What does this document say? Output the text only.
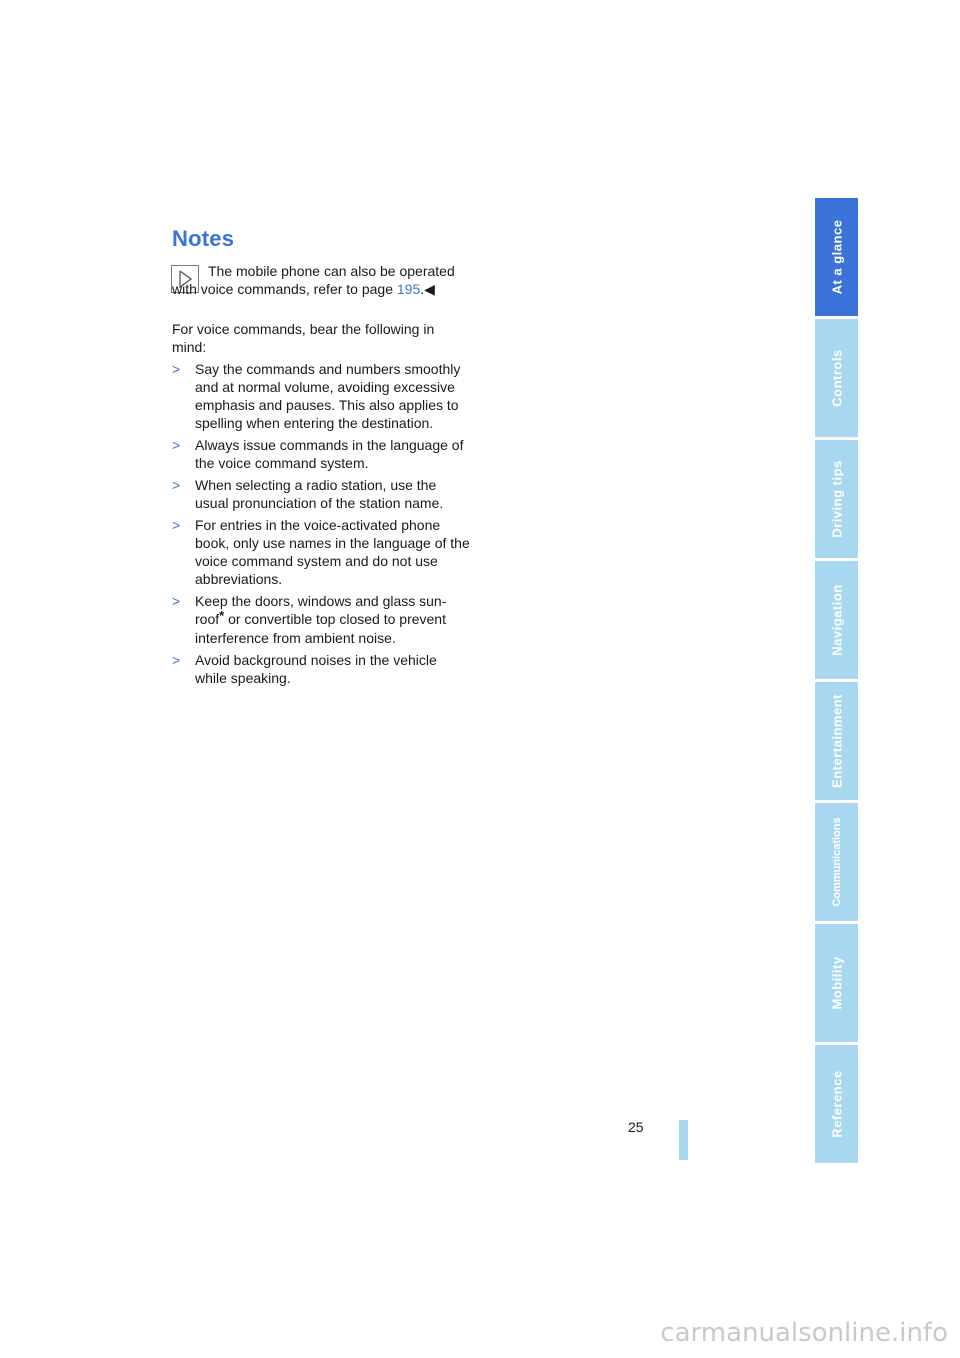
Notes
The mobile phone can also be operated with voice commands, refer to page 195.◀
For voice commands, bear the following in mind:
> Say the commands and numbers smoothly and at normal volume, avoiding excessive emphasis and pauses. This also applies to spelling when entering the destination.
> Always issue commands in the language of the voice command system.
> When selecting a radio station, use the usual pronunciation of the station name.
> For entries in the voice-activated phone book, only use names in the language of the voice command system and do not use abbreviations.
> Keep the doors, windows and glass sun-roof* or convertible top closed to prevent interference from ambient noise.
> Avoid background noises in the vehicle while speaking.
25
At a glance
Controls
Driving tips
Navigation
Entertainment
Communications
Mobility
Reference
carmanualsonline.info
